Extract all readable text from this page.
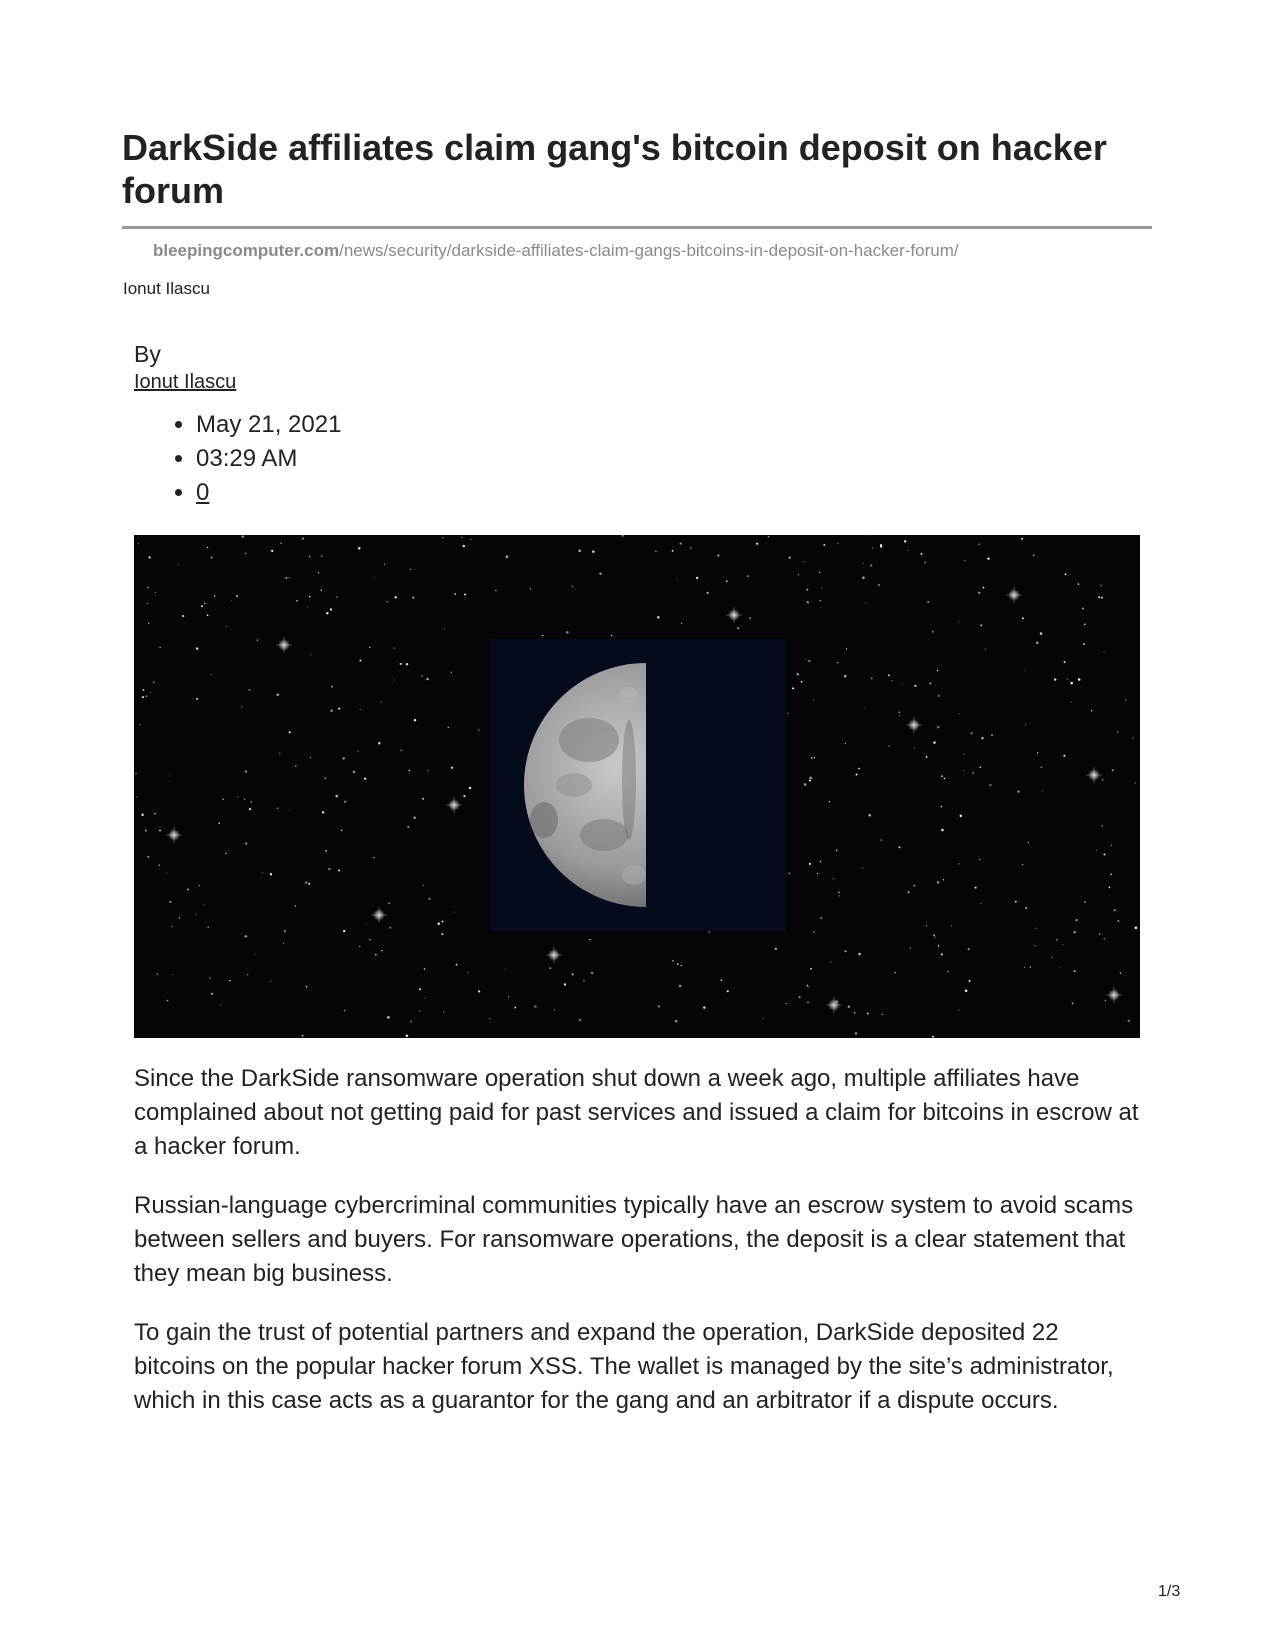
DarkSide affiliates claim gang's bitcoin deposit on hacker forum
bleepingcomputer.com/news/security/darkside-affiliates-claim-gangs-bitcoins-in-deposit-on-hacker-forum/
Ionut Ilascu
By
Ionut Ilascu
• May 21, 2021
• 03:29 AM
• 0

Since the DarkSide ransomware operation shut down a week ago, multiple affiliates have complained about not getting paid for past services and issued a claim for bitcoins in escrow at a hacker forum.

Russian-language cybercriminal communities typically have an escrow system to avoid scams between sellers and buyers. For ransomware operations, the deposit is a clear statement that they mean big business.

To gain the trust of potential partners and expand the operation, DarkSide deposited 22 bitcoins on the popular hacker forum XSS. The wallet is managed by the site’s administrator, which in this case acts as a guarantor for the gang and an arbitrator if a dispute occurs.

1/3
